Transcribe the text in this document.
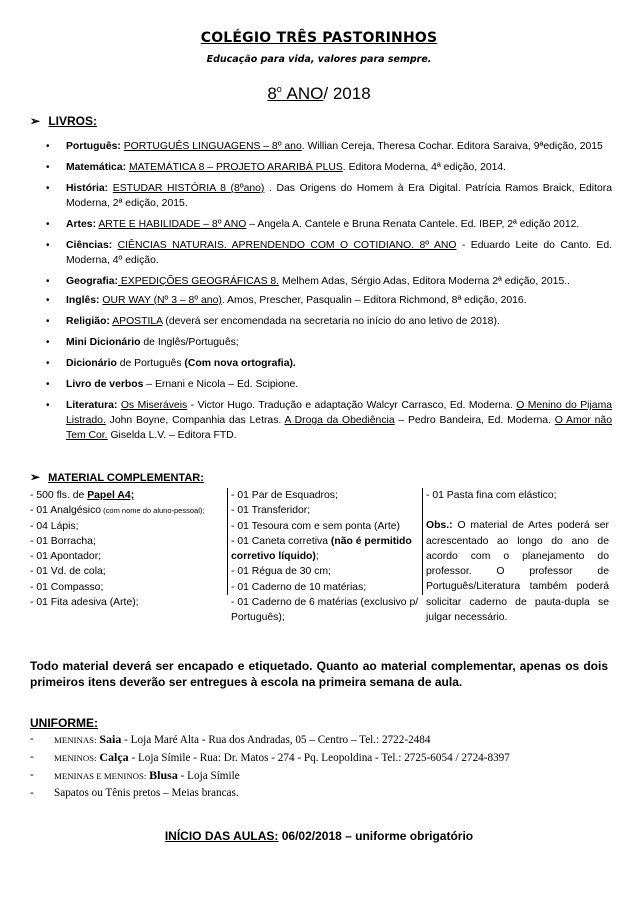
COLÉGIO TRÊS PASTORINHOS
Educação para vida, valores para sempre.
8$^o$ ANO/ 2018
➢ LIVROS:
• Português: PORTUGUÊS LINGUAGENS – 8º ano. Willian Cereja, Theresa Cochar. Editora Saraiva, 9ªedição, 2015
• Matemática: MATEMÁTICA 8 – PROJETO ARARIBÁ PLUS. Editora Moderna, 4ª edição, 2014.
• História: ESTUDAR HISTÓRIA 8 (8ºano) . Das Origens do Homem à Era Digital. Patrícia Ramos Braick, Editora Moderna, 2ª edição, 2015.
• Artes: ARTE E HABILIDADE – 8º ANO – Angela A. Cantele e Bruna Renata Cantele. Ed. IBEP, 2ª edição 2012.
• Ciências: CIÊNCIAS NATURAIS. APRENDENDO COM O COTIDIANO. 8º ANO - Eduardo Leite do Canto. Ed. Moderna, 4º edição.
• Geografia: EXPEDIÇÕES GEOGRÁFICAS 8. Melhem Adas, Sérgio Adas, Editora Moderna 2ª edição, 2015..
• Inglês: OUR WAY (Nº 3 – 8º ano). Amos, Prescher, Pasqualin – Editora Richmond, 8ª edição, 2016.
• Religião: APOSTILA (deverá ser encomendada na secretaria no início do ano letivo de 2018).
• Mini Dicionário de Inglês/Português;
• Dicionário de Português (Com nova ortografia).
• Livro de verbos – Ernani e Nicola – Ed. Scipione.
• Literatura: Os Miseráveis - Victor Hugo. Tradução e adaptação Walcyr Carrasco, Ed. Moderna. O Menino do Pijama Listrado. John Boyne, Companhia das Letras. A Droga da Obediência – Pedro Bandeira, Ed. Moderna. O Amor não Tem Cor. Giselda L.V. – Editora FTD.
➢ MATERIAL COMPLEMENTAR:
- 500 fls. de Papel A4;
- 01 Analgésico (com nome do aluno-pessoal);
- 04 Lápis;
- 01 Borracha;
- 01 Apontador;
- 01 Vd. de cola;
- 01 Compasso;
- 01 Fita adesiva (Arte);
- 01 Par de Esquadros;
- 01 Transferidor;
- 01 Tesoura com e sem ponta (Arte)
- 01 Caneta corretiva (não é permitido corretivo líquido);
- 01 Régua de 30 cm;
- 01 Caderno de 10 matérias;
- 01 Caderno de 6 matérias (exclusivo p/ Português);
- 01 Pasta fina com elástico;
Obs.: O material de Artes poderá ser acrescentado ao longo do ano de acordo com o planejamento do professor. O professor de Português/Literatura também poderá solicitar caderno de pauta-dupla se julgar necessário.
Todo material deverá ser encapado e etiquetado. Quanto ao material complementar, apenas os dois primeiros itens deverão ser entregues à escola na primeira semana de aula.
UNIFORME:
- MENINAS: Saia - Loja Maré Alta - Rua dos Andradas, 05 – Centro – Tel.: 2722-2484
- MENINOS: Calça - Loja Símile - Rua: Dr. Matos - 274 - Pq. Leopoldina - Tel.: 2725-6054 / 2724-8397
- MENINAS E MENINOS: Blusa - Loja Símile
- Sapatos ou Tênis pretos – Meias brancas.
INÍCIO DAS AULAS: 06/02/2018 – uniforme obrigatório
